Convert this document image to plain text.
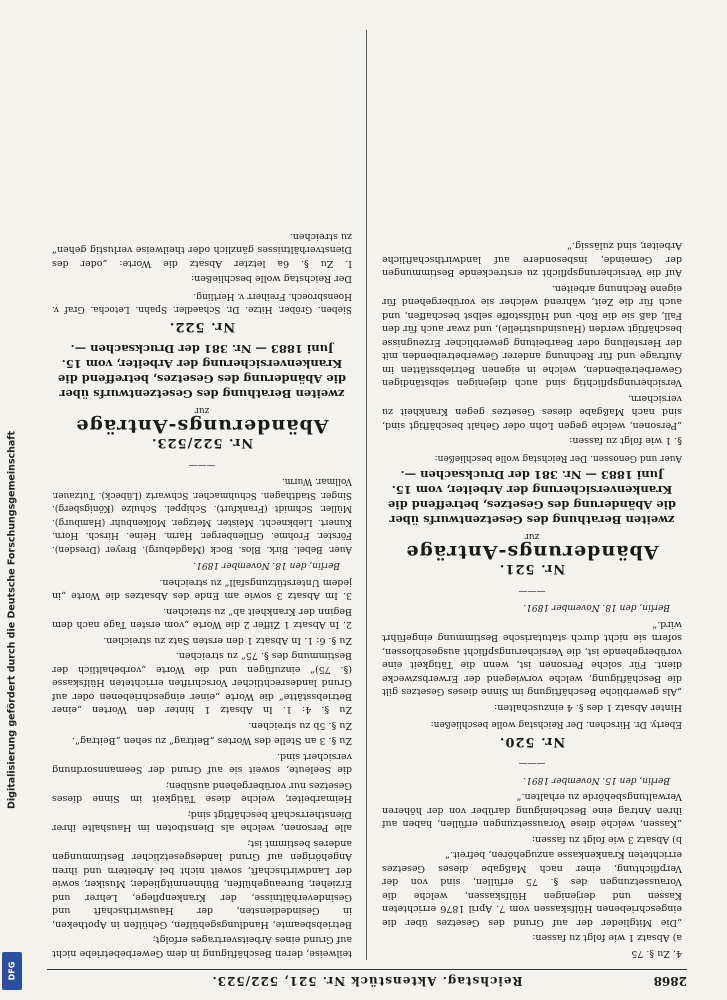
Digitalisierung gefördert durch die Deutsche Forschungsgemeinschaft
DFG
2868
Reichstag. Aktenstück Nr. 521, 522/523.

4. Zu §. 75

a) Absatz 1 wie folgt zu fassen:

„Die Mitglieder der auf Grund des Gesetzes über die eingeschriebenen Hülfskassen vom 7. April 1876 errichteten Kassen und derjenigen Hülfskassen, welche die Voraussetzungen des §. 75 erfüllen, sind von der Verpflichtung, einer nach Maßgabe dieses Gesetzes errichteten Krankenkasse anzugehören, befreit.“

b) Absatz 3 wie folgt zu fassen:

„Kassen, welche diese Voraussetzungen erfüllen, haben auf ihren Antrag eine Bescheinigung darüber von der höheren Verwaltungsbehörde zu erhalten.“

Berlin, den 15. November 1891.
———
Nr. 520.

Eberty. Dr. Hirschen. Der Reichstag wolle beschließen:

Hinter Absatz 1 des §. 4 einzuschalten:

„Als gewerbliche Beschäftigung im Sinne dieses Gesetzes gilt die Beschäftigung, welche vorwiegend der Erwerbszwecke dient. Für solche Personen ist, wenn die Tätigkeit eine vorübergehende ist, die Versicherungspflicht ausgeschlossen, sofern sie nicht durch statutarische Bestimmung eingeführt wird.“

Berlin, den 18. November 1891.
———
Nr. 521.
Abänderungs-Anträge
zur
zweiten Berathung des Gesetzentwurfs über die Abänderung des Gesetzes, betreffend die Krankenversicherung der Arbeiter, vom 15. Juni 1883 — Nr. 381 der Drucksachen —.

Auer und Genossen. Der Reichstag wolle beschließen:

§. 1 wie folgt zu fassen:

„Personen, welche gegen Lohn oder Gehalt beschäftigt sind, sind nach Maßgabe dieses Gesetzes gegen Krankheit zu versichern.

Versicherungspflichtig sind auch diejenigen selbständigen Gewerbetreibenden, welche in eigenen Betriebsstätten im Auftrage und für Rechnung anderer Gewerbetreibenden mit der Herstellung oder Bearbeitung gewerblicher Erzeugnisse beschäftigt werden (Hausindustrielle), und zwar auch für den Fall, daß sie die Roh- und Hülfsstoffe selbst beschaffen, und auch für die Zeit, während welcher sie vorübergehend für eigene Rechnung arbeiten.

Auf die Versicherungspflicht zu erstreckende Bestimmungen der Gemeinde, insbesondere auf landwirthschaftliche Arbeiter, sind zulässig.“

teilweise, deren Beschäftigung in dem Gewerbebetriebe nicht auf Grund eines Arbeitsvertrages erfolgt;

Betriebsbeamte, Handlungsgehülfen, Gehülfen in Apotheken, in Gesindediensten, der Hauswirthschaft und Gesindeverhältnisse, der Krankenpflege, Lehrer und Erzieher, Bureaugehülfen, Bühnenmitglieder, Musiker, sowie der Landwirthschaft, soweit nicht bei Arbeitern und ihren Angehörigen auf Grund landesgesetzlicher Bestimmungen anderes bestimmt ist;

alle Personen, welche als Dienstboten im Haushalte ihrer Dienstherrschaft beschäftigt sind;

Heimarbeiter, welche diese Tätigkeit im Sinne dieses Gesetzes nur vorübergehend ausüben;

die Seeleute, soweit sie auf Grund der Seemannsordnung versichert sind.

Zu §. 3 an Stelle des Wortes „Beitrag“ zu sehen „Beitrag“.

Zu §. 5b zu streichen.

Zu §. 4: 1. In Absatz 1 hinter den Worten „einer Betriebsstätte“ die Worte „einer eingeschriebenen oder auf Grund landesrechtlicher Vorschriften errichteten Hülfskasse (§. 75)“ einzufügen und die Worte „vorbehaltlich der Bestimmung des §. 75“ zu streichen.

Zu §. 6: 1. In Absatz 1 den ersten Satz zu streichen.

2. In Absatz 1 Ziffer 2 die Worte „vom ersten Tage nach dem Beginn der Krankheit ab“ zu streichen.

3. Im Absatz 3 sowie am Ende des Absatzes die Worte „in jedem Unterstützungsfall“ zu streichen.

Berlin, den 18. November 1891.

Auer. Bebel. Birk. Blos. Bock (Magdeburg). Breyer (Dresden). Förster. Frohme. Grillenberger. Harm. Heine. Hirsch. Horn. Kunert. Liebknecht. Meister. Metzger. Molkenbuhr (Hamburg). Müller. Schmidt (Frankfurt). Schippel. Schulze (Königsberg). Singer. Stadthagen. Schuhmacher. Schwartz (Lübeck). Tutzauer. Vollmar. Wurm.

———
Nr. 522/523.
Abänderungs-Anträge
zur
zweiten Berathung des Gesetzentwurfs über die Abänderung des Gesetzes, betreffend die Krankenversicherung der Arbeiter, vom 15. Juni 1883 — Nr. 381 der Drucksachen —.
Nr. 522.

Sieben. Gröber. Hitze. Dr. Schaedler. Spahn. Letocha. Graf v. Hoensbroech. Freiherr v. Hertling.

Der Reichstag wolle beschließen:

I. Zu §. 6a letzter Absatz die Worte: „oder des Dienstverhältnisses gänzlich oder theilweise verlustig gehen“ zu streichen.
